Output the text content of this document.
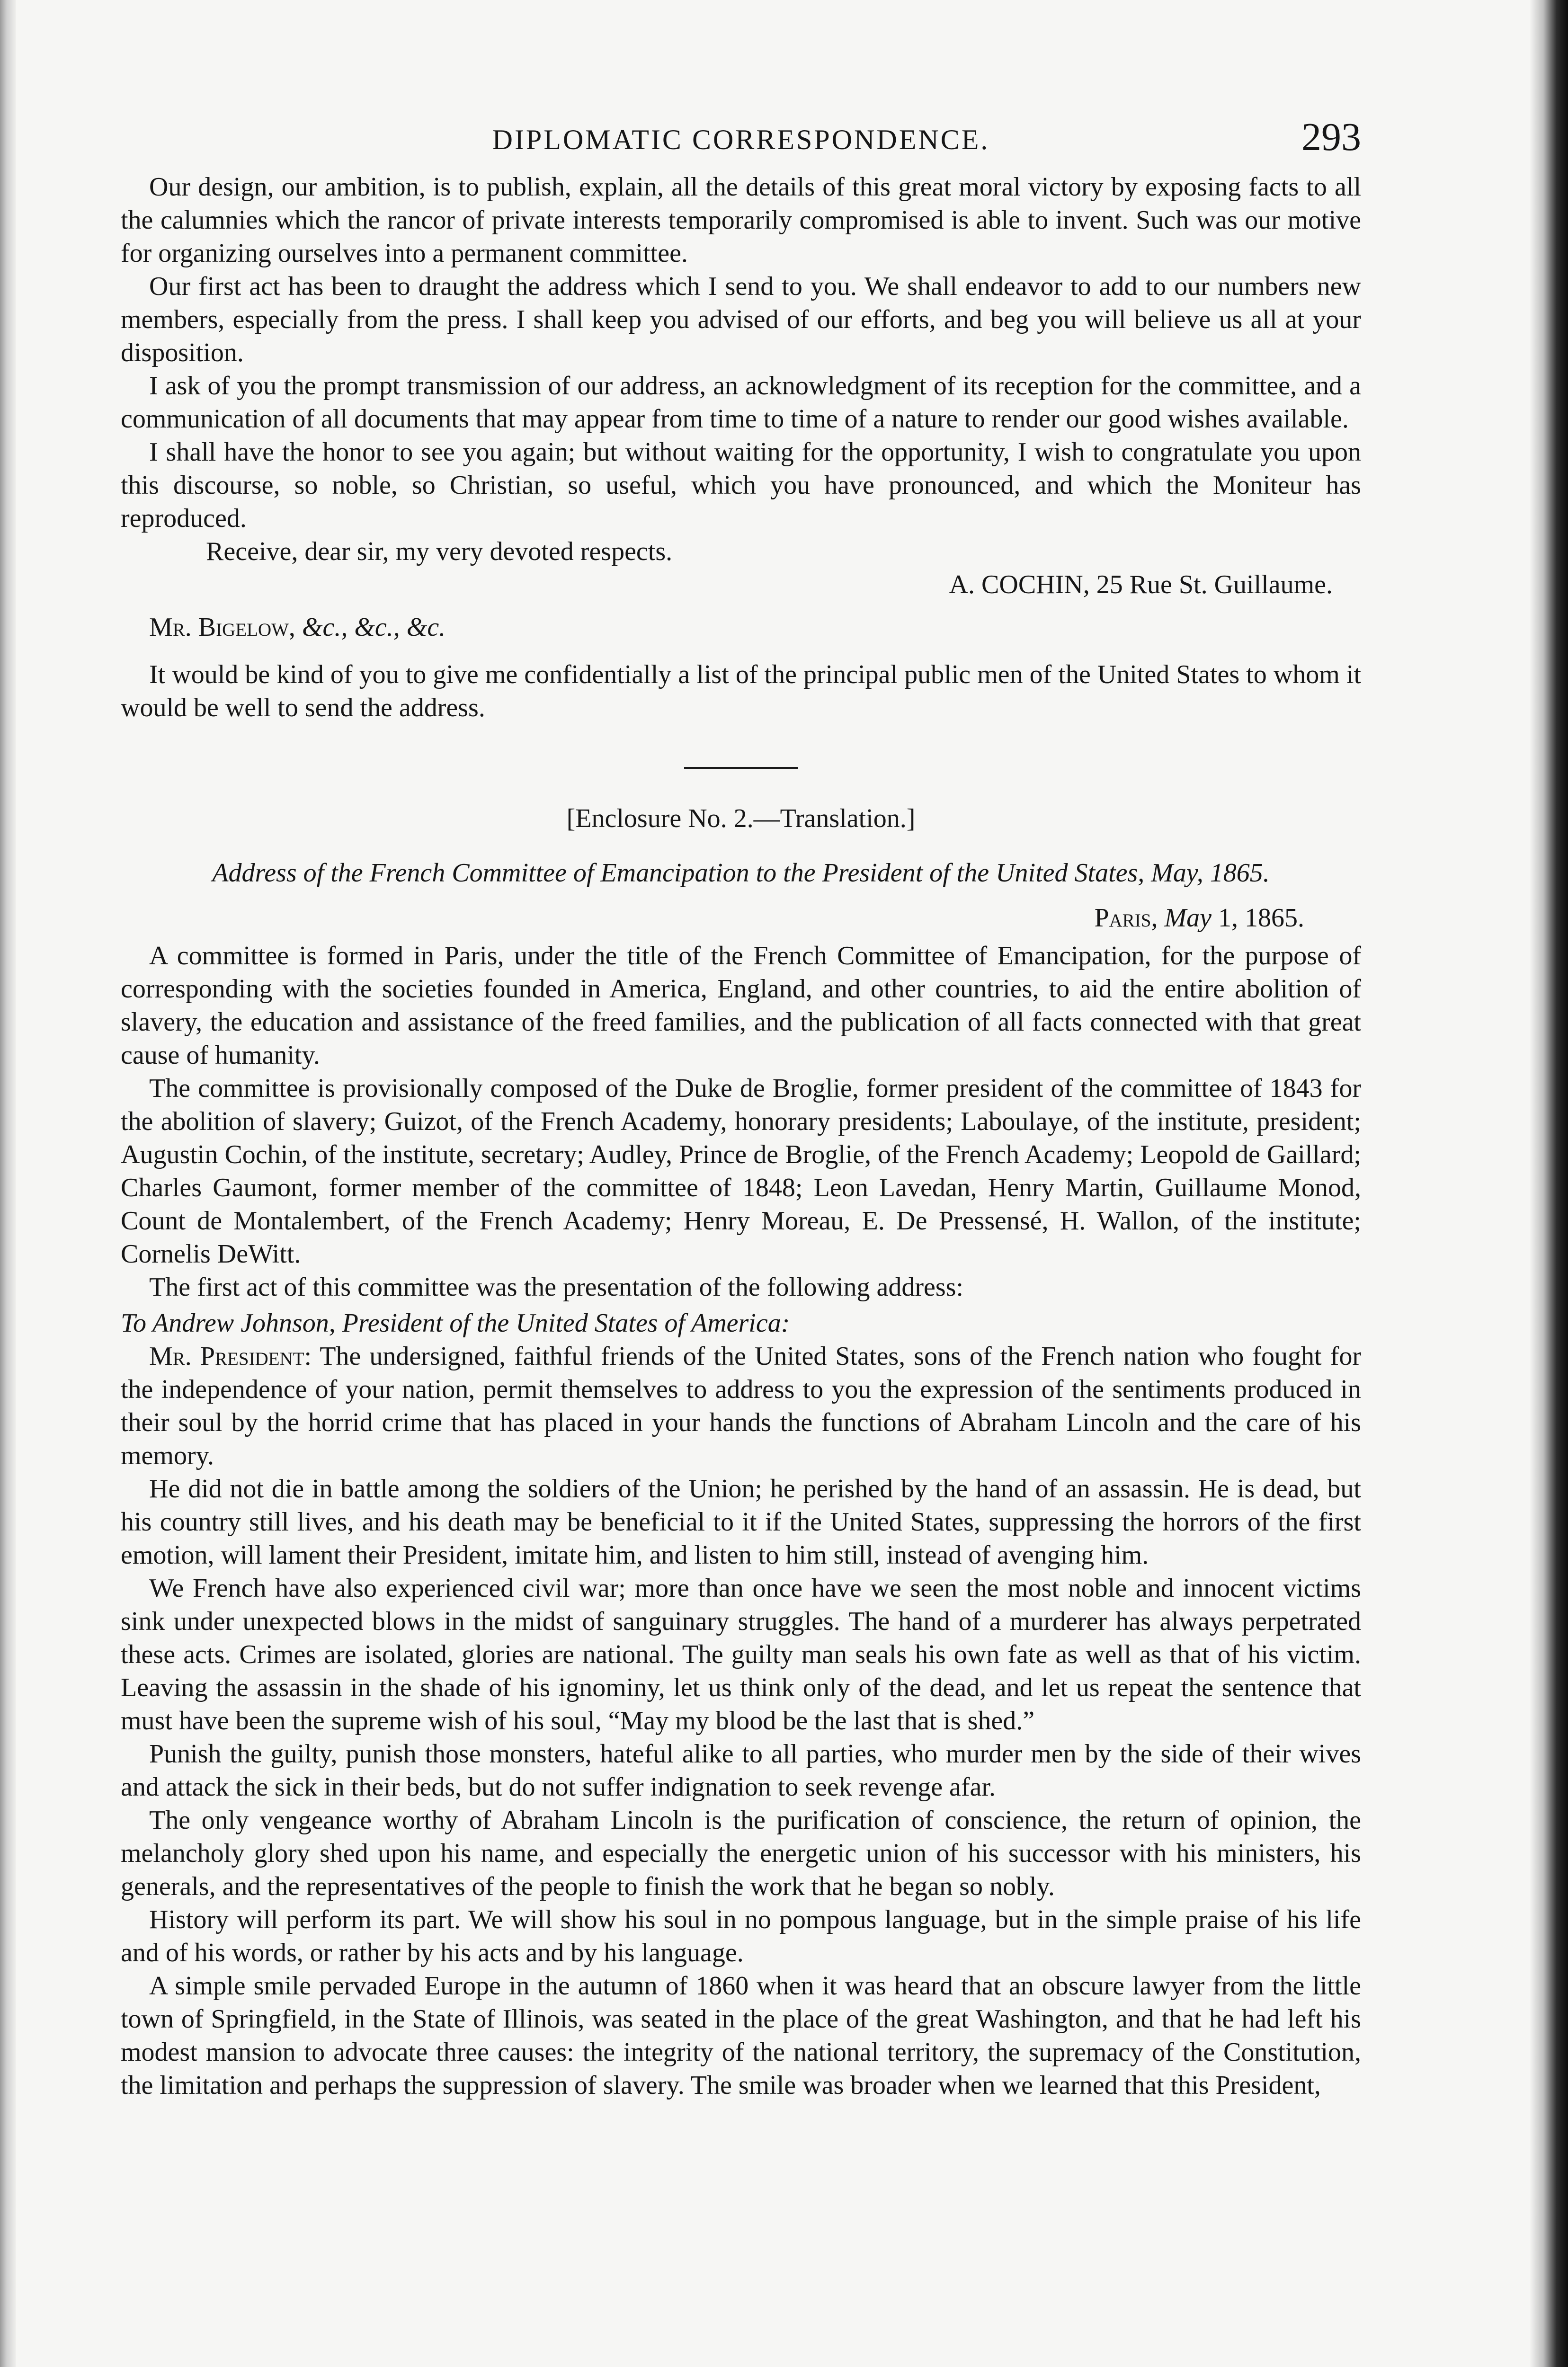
DIPLOMATIC CORRESPONDENCE.	293

Our design, our ambition, is to publish, explain, all the details of this great moral victory by exposing facts to all the calumnies which the rancor of private interests temporarily compromised is able to invent. Such was our motive for organizing ourselves into a permanent committee.

Our first act has been to draught the address which I send to you. We shall endeavor to add to our numbers new members, especially from the press. I shall keep you advised of our efforts, and beg you will believe us all at your disposition.

I ask of you the prompt transmission of our address, an acknowledgment of its reception for the committee, and a communication of all documents that may appear from time to time of a nature to render our good wishes available.

I shall have the honor to see you again; but without waiting for the opportunity, I wish to congratulate you upon this discourse, so noble, so Christian, so useful, which you have pronounced, and which the Moniteur has reproduced.

Receive, dear sir, my very devoted respects.

A. COCHIN, 25 Rue St. Guillaume.

Mr. Bigelow, &c., &c., &c.

It would be kind of you to give me confidentially a list of the principal public men of the United States to whom it would be well to send the address.

[Enclosure No. 2.—Translation.]

Address of the French Committee of Emancipation to the President of the United States, May, 1865.

Paris, May 1, 1865.

A committee is formed in Paris, under the title of the French Committee of Emancipation, for the purpose of corresponding with the societies founded in America, England, and other countries, to aid the entire abolition of slavery, the education and assistance of the freed families, and the publication of all facts connected with that great cause of humanity.

The committee is provisionally composed of the Duke de Broglie, former president of the committee of 1843 for the abolition of slavery; Guizot, of the French Academy, honorary presidents; Laboulaye, of the institute, president; Augustin Cochin, of the institute, secretary; Audley, Prince de Broglie, of the French Academy; Leopold de Gaillard; Charles Gaumont, former member of the committee of 1848; Leon Lavedan, Henry Martin, Guillaume Monod, Count de Montalembert, of the French Academy; Henry Moreau, E. De Pressensé, H. Wallon, of the institute; Cornelis DeWitt.

The first act of this committee was the presentation of the following address:

To Andrew Johnson, President of the United States of America:

Mr. President: The undersigned, faithful friends of the United States, sons of the French nation who fought for the independence of your nation, permit themselves to address to you the expression of the sentiments produced in their soul by the horrid crime that has placed in your hands the functions of Abraham Lincoln and the care of his memory.

He did not die in battle among the soldiers of the Union; he perished by the hand of an assassin. He is dead, but his country still lives, and his death may be beneficial to it if the United States, suppressing the horrors of the first emotion, will lament their President, imitate him, and listen to him still, instead of avenging him.

We French have also experienced civil war; more than once have we seen the most noble and innocent victims sink under unexpected blows in the midst of sanguinary struggles. The hand of a murderer has always perpetrated these acts. Crimes are isolated, glories are national. The guilty man seals his own fate as well as that of his victim. Leaving the assassin in the shade of his ignominy, let us think only of the dead, and let us repeat the sentence that must have been the supreme wish of his soul, “May my blood be the last that is shed.”

Punish the guilty, punish those monsters, hateful alike to all parties, who murder men by the side of their wives and attack the sick in their beds, but do not suffer indignation to seek revenge afar.

The only vengeance worthy of Abraham Lincoln is the purification of conscience, the return of opinion, the melancholy glory shed upon his name, and especially the energetic union of his successor with his ministers, his generals, and the representatives of the people to finish the work that he began so nobly.

History will perform its part. We will show his soul in no pompous language, but in the simple praise of his life and of his words, or rather by his acts and by his language.

A simple smile pervaded Europe in the autumn of 1860 when it was heard that an obscure lawyer from the little town of Springfield, in the State of Illinois, was seated in the place of the great Washington, and that he had left his modest mansion to advocate three causes: the integrity of the national territory, the supremacy of the Constitution, the limitation and perhaps the suppression of slavery. The smile was broader when we learned that this President,
